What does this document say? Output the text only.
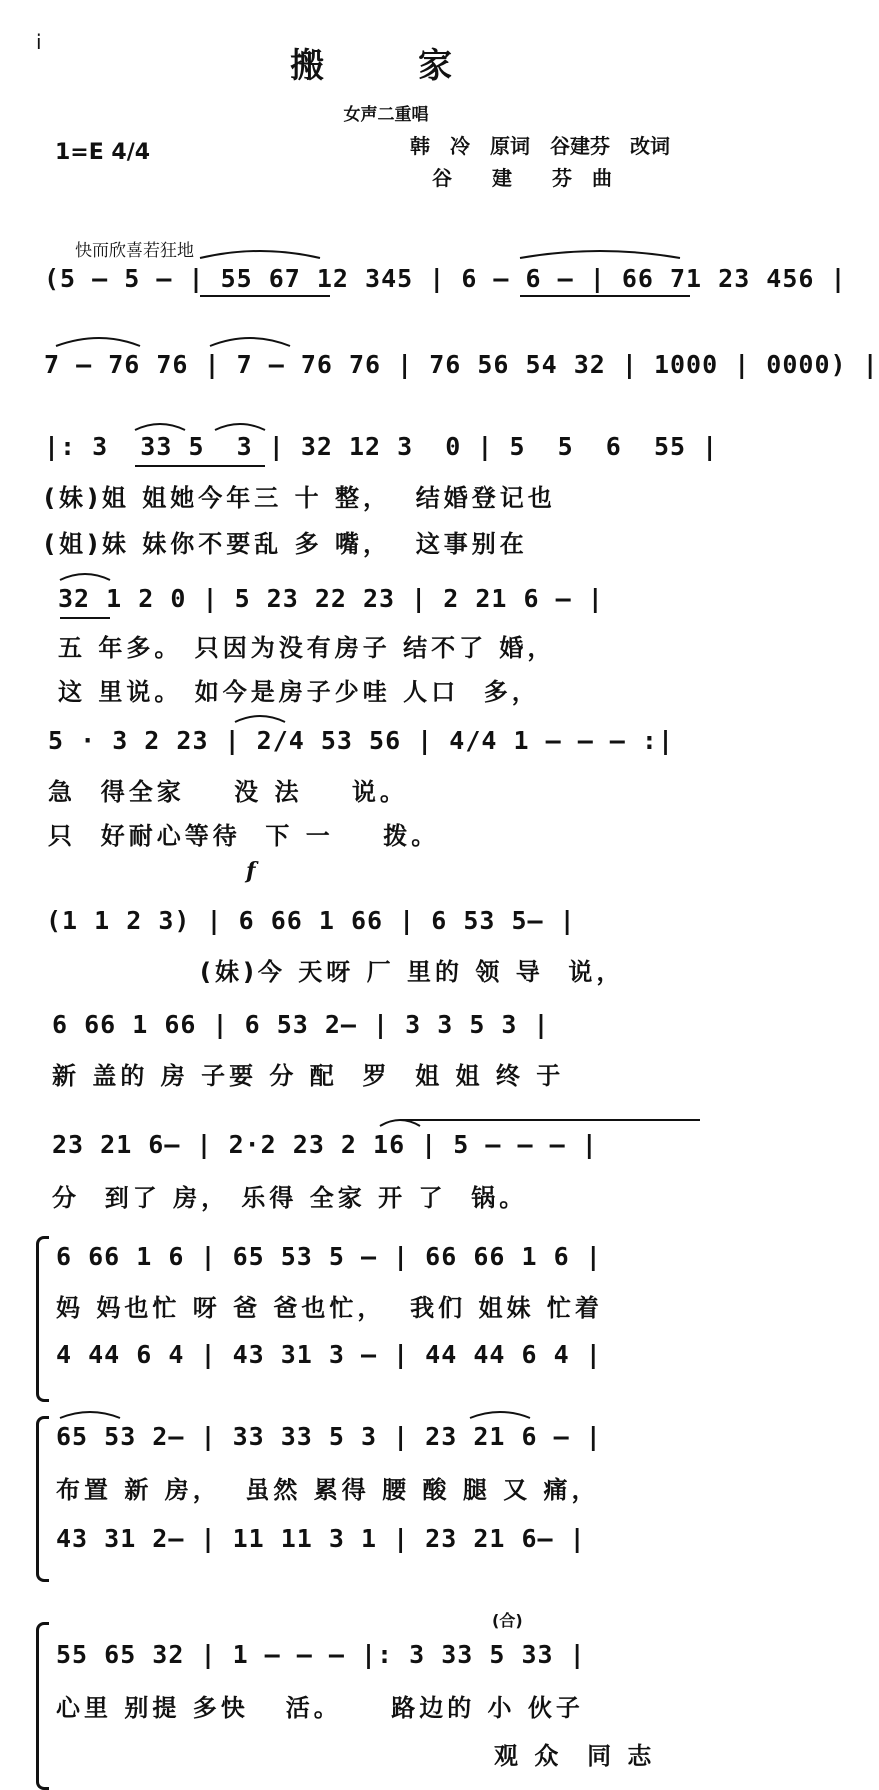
i
搬　家
女声二重唱
1=E 4/4	韩　冷　原词　谷建芬　改词
谷　　建　　芬　曲
快而欣喜若狂地
(5 — 5 — | 55 67 12 345 | 6 — 6 — | 66 71 23 456 |
7 — 76 76 | 7 — 76 76 | 76 56 54 32 | 1000 | 0000) |
|: 3  33 5  3 | 32 12 3  0 | 5  5  6  55 |
(妹)姐 姐她今年三 十 整，  结婚登记也
(姐)妹 妹你不要乱 多 嘴，  这事别在
32 1 2 0 | 5 23 22 23 | 2 21 6 — |
五 年多。 只因为没有房子 结不了 婚，
这 里说。 如今是房子少哇 人口  多，
5 · 3 2 23 | 2/4 53 56 | 4/4 1 — — — :|
急  得全家    没 法    说。
只  好耐心等待  下 一    拨。
f
(1 1 2 3) | 6 66 1 66 | 6 53 5— |
(妹)今 天呀 厂 里的 领 导  说，
6 66 1 66 | 6 53 2— | 3 3 5 3 |
新 盖的 房 子要 分 配  罗  姐 姐 终 于
23 21 6— | 2·2 23 2 16 | 5 — — — |
分  到了 房， 乐得 全家 开 了  锅。
6 66 1 6 | 65 53 5 — | 66 66 1 6 |
妈 妈也忙 呀 爸 爸也忙，  我们 姐妹 忙着
4 44 6 4 | 43 31 3 — | 44 44 6 4 |
65 53 2— | 33 33 5 3 | 23 21 6 — |
布置 新 房，  虽然 累得 腰 酸 腿 又 痛，
43 31 2— | 11 11 3 1 | 23 21 6— |
(合)
55 65 32 | 1 — — — |: 3 33 5 33 |
心里 别提 多快   活。    路边的 小 伙子
观 众  同 志
